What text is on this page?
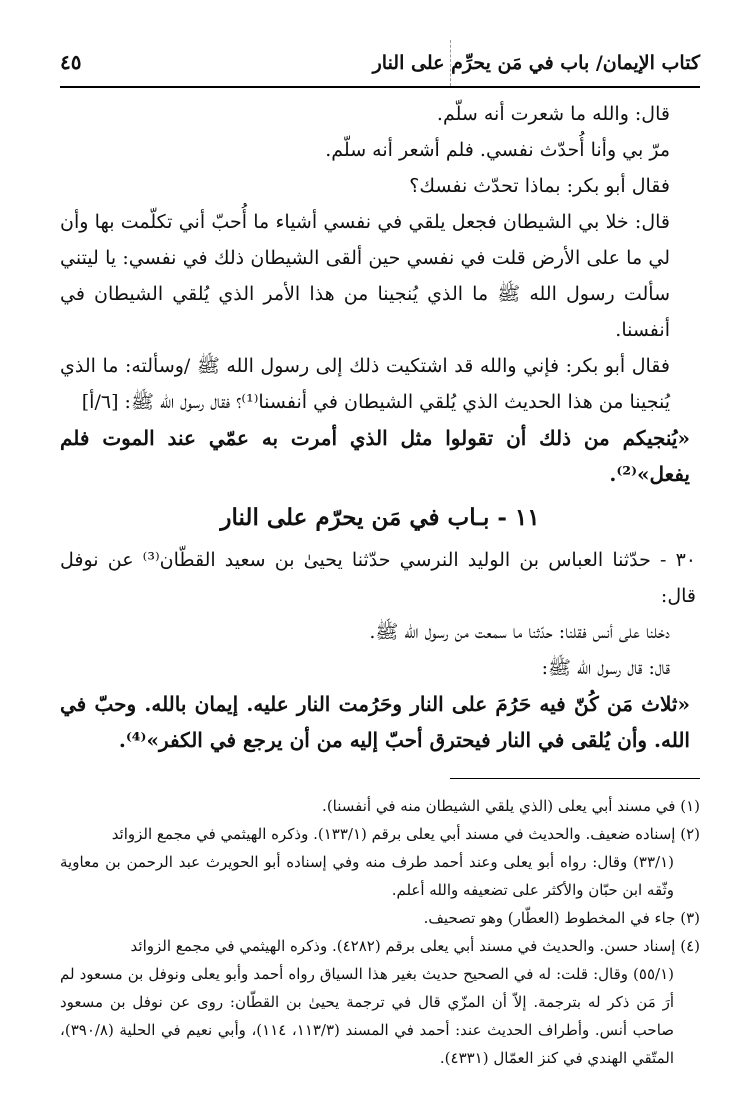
كتاب الإيمان/ باب في مَن يحرِّم على النار
٤٥

قال: والله ما شعرت أنه سلّم.

مرّ بي وأنا أُحدّث نفسي. فلم أشعر أنه سلّم.

فقال أبو بكر: بماذا تحدّث نفسك؟

قال: خلا بي الشيطان فجعل يلقي في نفسي أشياء ما أُحبّ أني تكلّمت بها وأن لي ما على الأرض قلت في نفسي حين ألقى الشيطان ذلك في نفسي: يا ليتني سألت رسول الله ﷺ ما الذي يُنجينا من هذا الأمر الذي يُلقي الشيطان في أنفسنا.

فقال أبو بكر: فإني والله قد اشتكيت ذلك إلى رسول الله ﷺ /وسألته: ما الذي يُنجينا من هذا الحديث الذي يُلقي الشيطان في أنفسنا⁽¹⁾؟ فقال رسول الله ﷺ: [٦/أ]

«يُنجيكم من ذلك أن تقولوا مثل الذي أمرت به عمّي عند الموت فلم يفعل»⁽²⁾.

١١ - بـاب في مَن يحرّم على النار

٣٠ - حدّثنا العباس بن الوليد النرسي حدّثنا يحيىٰ بن سعيد القطّان⁽³⁾ عن نوفل قال:

دخلنا على أنس فقلنا: حدّثنا ما سمعت من رسول الله ﷺ.

قال: قال رسول الله ﷺ:

«ثلاث مَن كُنّ فيه حَرُمَ على النار وحَرُمت النار عليه. إيمان بالله. وحبّ في الله. وأن يُلقى في النار فيحترق أحبّ إليه من أن يرجع في الكفر»⁽⁴⁾.

(١) في مسند أبي يعلى (الذي يلقي الشيطان منه في أنفسنا).

(٢) إسناده ضعيف. والحديث في مسند أبي يعلى برقم (١٣٣/١). وذكره الهيثمي في مجمع الزوائد

(٣٣/١) وقال: رواه أبو يعلى وعند أحمد طرف منه وفي إسناده أبو الحويرث عبد الرحمن بن معاوية وثّقه ابن حبّان والأكثر على تضعيفه والله أعلم.

(٣) جاء في المخطوط (العطّار) وهو تصحيف.

(٤) إسناد حسن. والحديث في مسند أبي يعلى برقم (٤٢٨٢). وذكره الهيثمي في مجمع الزوائد

(٥٥/١) وقال: قلت: له في الصحيح حديث بغير هذا السياق رواه أحمد وأبو يعلى ونوفل بن مسعود لم أرَ مَن ذكر له بترجمة. إلاّ أن المزّي قال في ترجمة يحيىٰ بن القطّان: روى عن نوفل بن مسعود صاحب أنس. وأطراف الحديث عند: أحمد في المسند (١١٣/٣، ١١٤)، وأبي نعيم في الحلية (٣٩٠/٨)، المتّقي الهندي في كنز العمّال (٤٣٣١).
